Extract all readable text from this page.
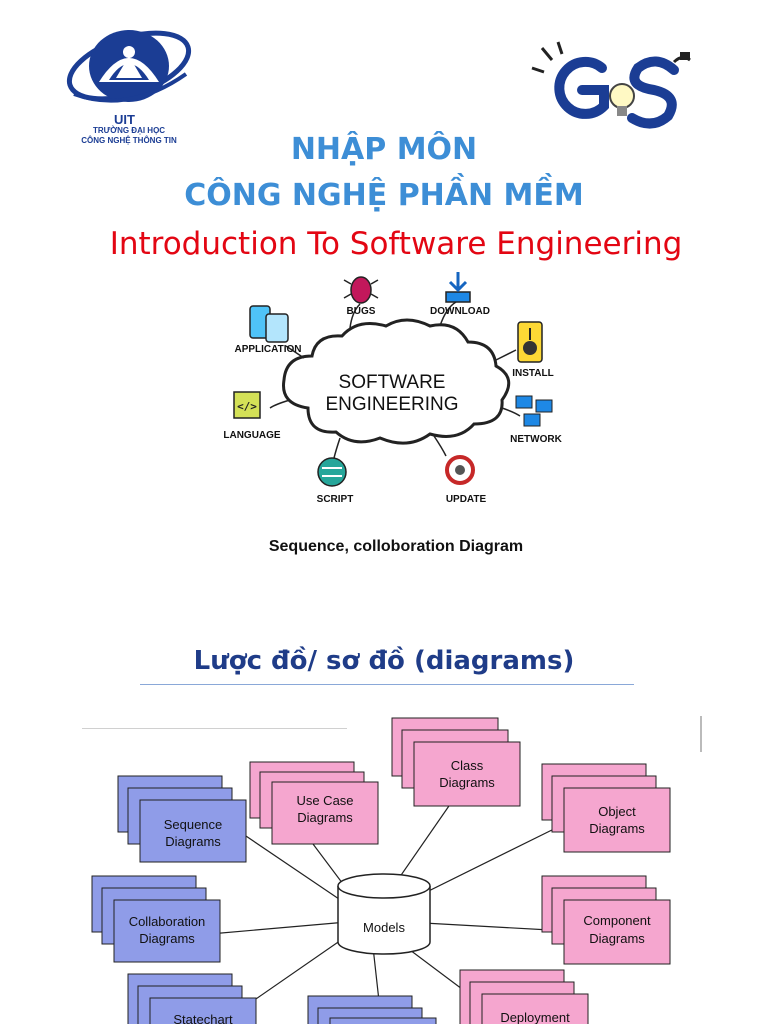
UIT
TRƯỜNG ĐẠI HỌC
CÔNG NGHỆ THÔNG TIN	NHẬP MÔN
CÔNG NGHỆ PHẦN MỀM
Introduction To Software Engineering
SOFTWARE
ENGINEERING
</>
BUGS	DOWNLOAD
APPLICATION
INSTALL
LANGUAGE	NETWORK
SCRIPT	UPDATE
Sequence, colloboration Diagram
Lược đồ/ sơ đồ (diagrams)
Class
Diagrams
Use Case
Diagrams
Sequence
Diagrams
Object
Diagrams
Collaboration
Diagrams
Models	Component
Diagrams
Statechart	Deployment
